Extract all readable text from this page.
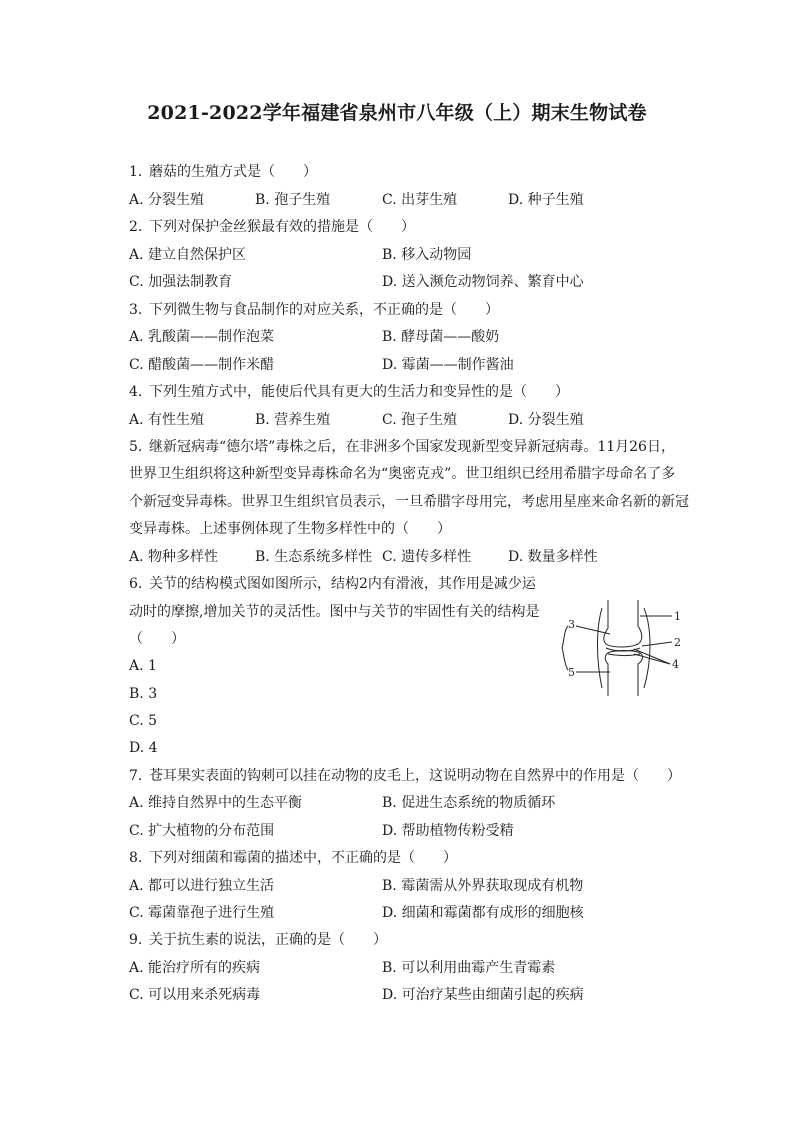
2021-2022学年福建省泉州市八年级（上）期末生物试卷
1. 蘑菇的生殖方式是（　　）
A. 分裂生殖	B. 孢子生殖	C. 出芽生殖	D. 种子生殖
2. 下列对保护金丝猴最有效的措施是（　　）
A. 建立自然保护区	B. 移入动物园
C. 加强法制教育	D. 送入濒危动物饲养、繁育中心
3. 下列微生物与食品制作的对应关系，不正确的是（　　）
A. 乳酸菌——制作泡菜	B. 酵母菌——酸奶
C. 醋酸菌——制作米醋	D. 霉菌——制作酱油
4. 下列生殖方式中，能使后代具有更大的生活力和变异性的是（　　）
A. 有性生殖	B. 营养生殖	C. 孢子生殖	D. 分裂生殖
5. 继新冠病毒“德尔塔”毒株之后，在非洲多个国家发现新型变异新冠病毒。11月26日，
世界卫生组织将这种新型变异毒株命名为“奥密克戎”。世卫组织已经用希腊字母命名了多
个新冠变异毒株。世界卫生组织官员表示，一旦希腊字母用完，考虑用星座来命名新的新冠
变异毒株。上述事例体现了生物多样性中的（　　）
A. 物种多样性	B. 生态系统多样性 C. 遗传多样性	D. 数量多样性
6. 关节的结构模式图如图所示，结构2内有滑液，其作用是减少运
动时的摩擦,增加关节的灵活性。图中与关节的牢固性有关的结构是
（　　）
A. 1
B. 3
C. 5
D. 4
1
2
3
4
5
7. 苍耳果实表面的钩刺可以挂在动物的皮毛上，这说明动物在自然界中的作用是（　　）
A. 维持自然界中的生态平衡	B. 促进生态系统的物质循环
C. 扩大植物的分布范围	D. 帮助植物传粉受精
8. 下列对细菌和霉菌的描述中，不正确的是（　　）
A. 都可以进行独立生活	B. 霉菌需从外界获取现成有机物
C. 霉菌靠孢子进行生殖	D. 细菌和霉菌都有成形的细胞核
9. 关于抗生素的说法，正确的是（　　）
A. 能治疗所有的疾病	B. 可以利用曲霉产生青霉素
C. 可以用来杀死病毒	D. 可治疗某些由细菌引起的疾病
